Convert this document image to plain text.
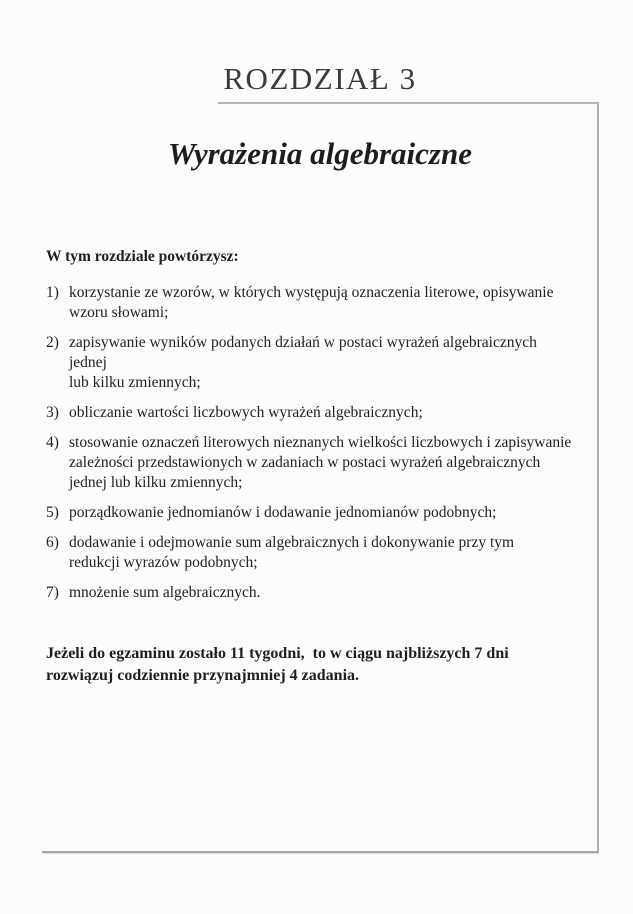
ROZDZIAŁ 3
Wyrażenia algebraiczne

W tym rozdziale powtórzysz:

1) korzystanie ze wzorów, w których występują oznaczenia literowe, opisywanie
wzoru słowami;
2) zapisywanie wyników podanych działań w postaci wyrażeń algebraicznych
jednej
lub kilku zmiennych;
3) obliczanie wartości liczbowych wyrażeń algebraicznych;
4) stosowanie oznaczeń literowych nieznanych wielkości liczbowych i zapisywanie
zależności przedstawionych w zadaniach w postaci wyrażeń algebraicznych
jednej lub kilku zmiennych;
5) porządkowanie jednomianów i dodawanie jednomianów podobnych;
6) dodawanie i odejmowanie sum algebraicznych i dokonywanie przy tym
redukcji wyrazów podobnych;
7) mnożenie sum algebraicznych.
Jeżeli do egzaminu zostało 11 tygodni,  to w ciągu najbliższych 7 dni
rozwiązuj codziennie przynajmniej 4 zadania.
